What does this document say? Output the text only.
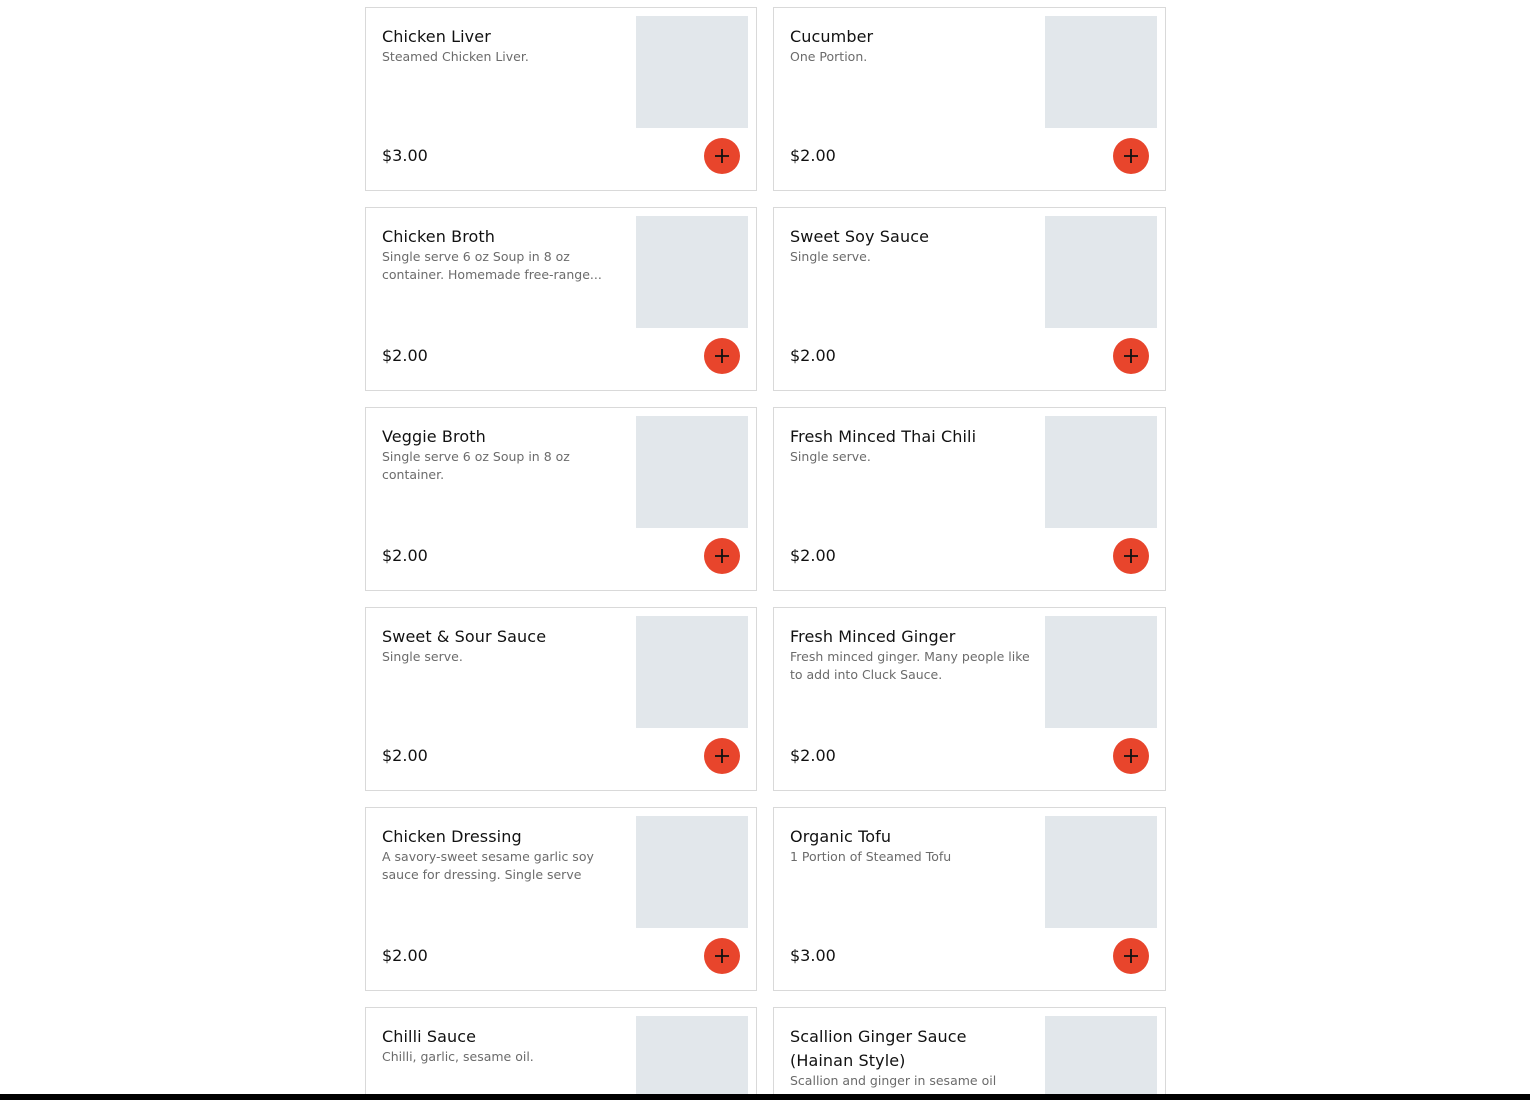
Chicken Liver
Steamed Chicken Liver.
$3.00
Cucumber
One Portion.
$2.00
Chicken Broth
Single serve 6 oz Soup in 8 oz container. Homemade free-range...
$2.00
Sweet Soy Sauce
Single serve.
$2.00
Veggie Broth
Single serve 6 oz Soup in 8 oz container.
$2.00
Fresh Minced Thai Chili
Single serve.
$2.00
Sweet & Sour Sauce
Single serve.
$2.00
Fresh Minced Ginger
Fresh minced ginger. Many people like to add into Cluck Sauce.
$2.00
Chicken Dressing
A savory-sweet sesame garlic soy sauce for dressing. Single serve
$2.00
Organic Tofu
1 Portion of Steamed Tofu
$3.00
Chilli Sauce
Chilli, garlic, sesame oil.
Scallion Ginger Sauce (Hainan Style)
Scallion and ginger in sesame oil
